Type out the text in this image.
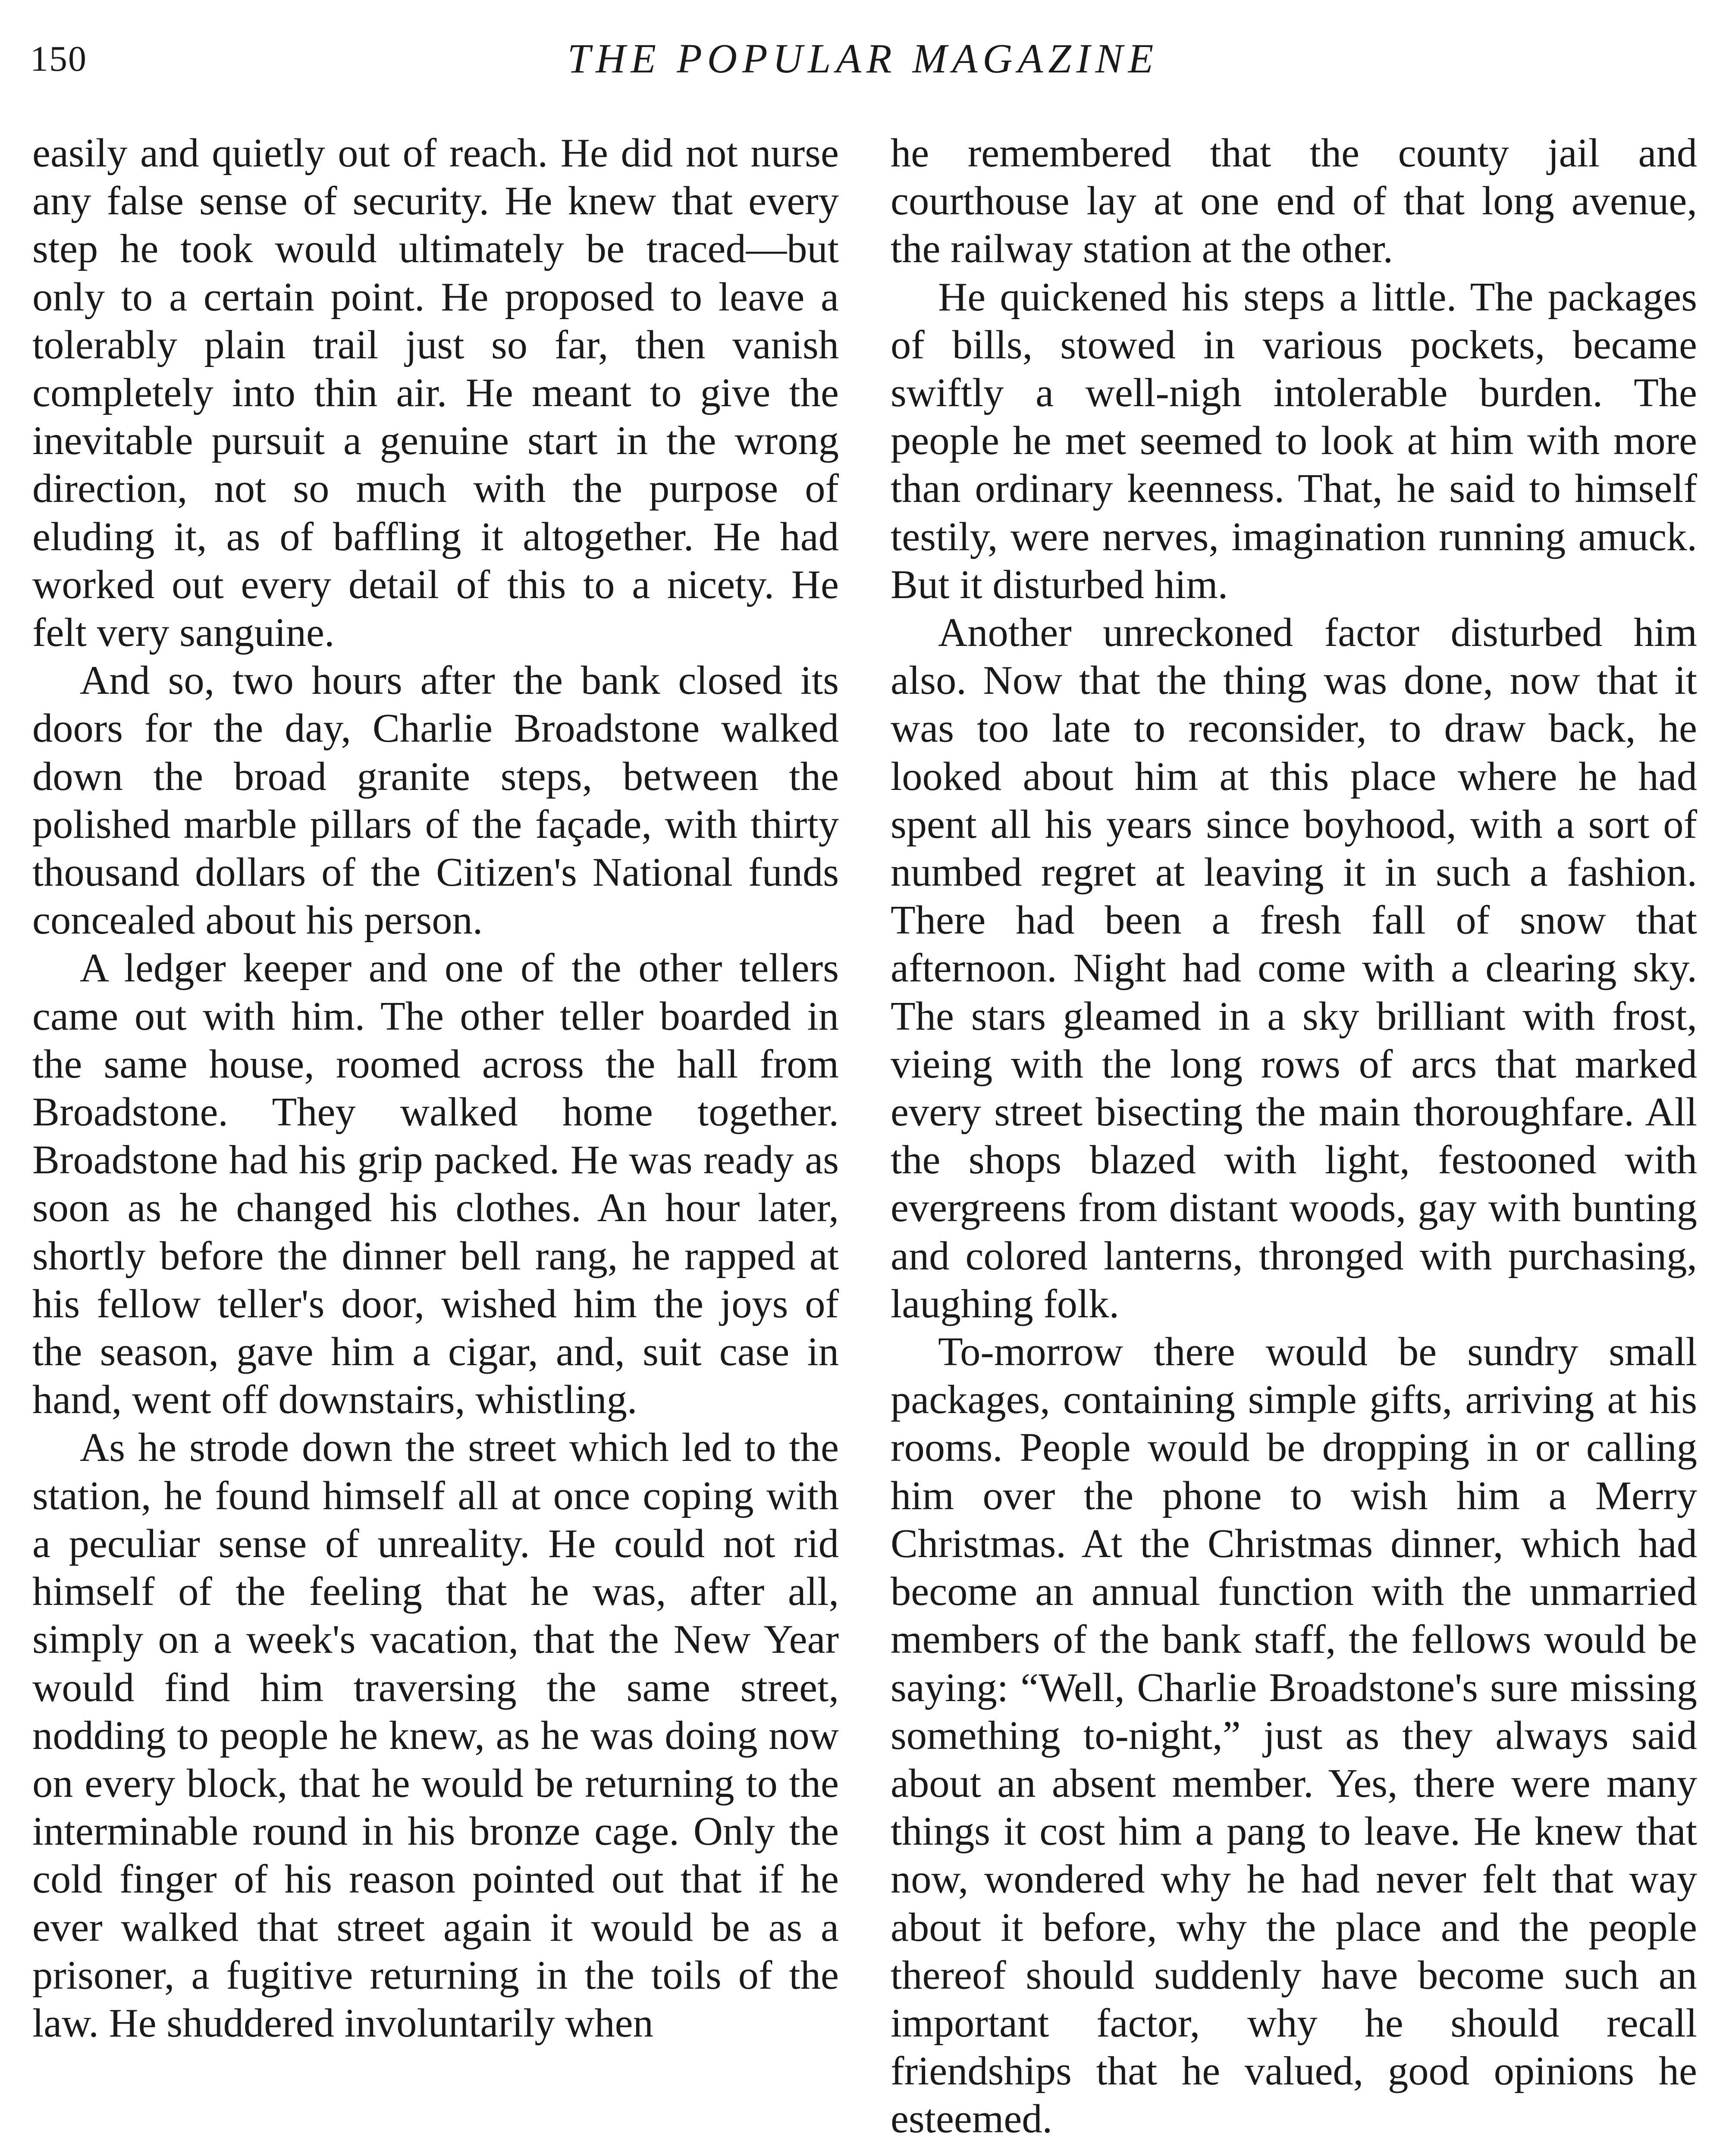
150	THE POPULAR MAGAZINE

easily and quietly out of reach. He did not nurse any false sense of security. He knew that every step he took would ultimately be traced—but only to a certain point. He proposed to leave a tolerably plain trail just so far, then vanish completely into thin air. He meant to give the inevitable pursuit a genuine start in the wrong direction, not so much with the purpose of eluding it, as of baffling it altogether. He had worked out every detail of this to a nicety. He felt very sanguine.

And so, two hours after the bank closed its doors for the day, Charlie Broadstone walked down the broad granite steps, between the polished marble pillars of the façade, with thirty thousand dollars of the Citizen's National funds concealed about his person.

A ledger keeper and one of the other tellers came out with him. The other teller boarded in the same house, roomed across the hall from Broadstone. They walked home together. Broadstone had his grip packed. He was ready as soon as he changed his clothes. An hour later, shortly before the dinner bell rang, he rapped at his fellow teller's door, wished him the joys of the season, gave him a cigar, and, suit case in hand, went off downstairs, whistling.

As he strode down the street which led to the station, he found himself all at once coping with a peculiar sense of unreality. He could not rid himself of the feeling that he was, after all, simply on a week's vacation, that the New Year would find him traversing the same street, nodding to people he knew, as he was doing now on every block, that he would be returning to the interminable round in his bronze cage. Only the cold finger of his reason pointed out that if he ever walked that street again it would be as a prisoner, a fugitive returning in the toils of the law. He shuddered involuntarily when

he remembered that the county jail and courthouse lay at one end of that long avenue, the railway station at the other.

He quickened his steps a little. The packages of bills, stowed in various pockets, became swiftly a well-nigh intolerable burden. The people he met seemed to look at him with more than ordinary keenness. That, he said to himself testily, were nerves, imagination running amuck. But it disturbed him.

Another unreckoned factor disturbed him also. Now that the thing was done, now that it was too late to reconsider, to draw back, he looked about him at this place where he had spent all his years since boyhood, with a sort of numbed regret at leaving it in such a fashion. There had been a fresh fall of snow that afternoon. Night had come with a clearing sky. The stars gleamed in a sky brilliant with frost, vieing with the long rows of arcs that marked every street bisecting the main thoroughfare. All the shops blazed with light, festooned with evergreens from distant woods, gay with bunting and colored lanterns, thronged with purchasing, laughing folk.

To-morrow there would be sundry small packages, containing simple gifts, arriving at his rooms. People would be dropping in or calling him over the phone to wish him a Merry Christmas. At the Christmas dinner, which had become an annual function with the unmarried members of the bank staff, the fellows would be saying: “Well, Charlie Broadstone's sure missing something to-night,” just as they always said about an absent member. Yes, there were many things it cost him a pang to leave. He knew that now, wondered why he had never felt that way about it before, why the place and the people thereof should suddenly have become such an important factor, why he should recall friendships that he valued, good opinions he esteemed.
